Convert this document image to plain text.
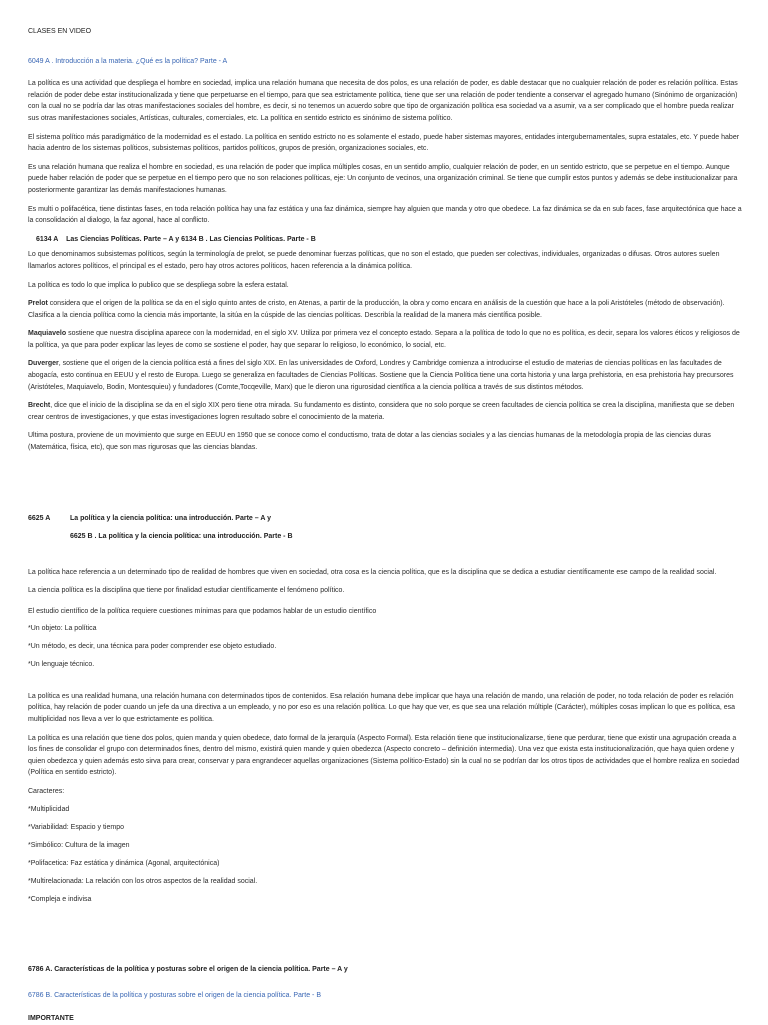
CLASES EN VIDEO

6049 A . Introducción a la materia. ¿Qué es la política? Parte - A

La política es una actividad que despliega el hombre en sociedad, implica una relación humana que necesita de dos polos, es una relación de poder, es dable destacar que no cualquier relación de poder es relación política. Estas relación de poder debe estar institucionalizada y tiene que perpetuarse en el tiempo, para que sea estrictamente política, tiene que ser una relación de poder tendiente a conservar el agregado humano (Sinónimo de organización) con la cual no se podría dar las otras manifestaciones sociales del hombre, es decir, si no tenemos un acuerdo sobre que tipo de organización política esa sociedad va a asumir, va a ser complicado que el hombre pueda realizar sus otras manifestaciones sociales, Artísticas, culturales, comerciales, etc. La política en sentido estricto es sinónimo de sistema político.

El sistema político más paradigmático de la modernidad es el estado. La política en sentido estricto no es solamente el estado, puede haber sistemas mayores, entidades intergubernamentales, supra estatales, etc. Y puede haber hacia adentro de los sistemas políticos, subsistemas políticos, partidos políticos, grupos de presión, organizaciones sociales, etc.

Es una relación humana que realiza el hombre en sociedad, es una relación de poder que implica múltiples cosas, en un sentido amplio, cualquier relación de poder, en un sentido estricto, que se perpetue en el tiempo. Aunque puede haber relación de poder que se perpetue en el tiempo pero que no son relaciones políticas, eje: Un conjunto de vecinos, una organización criminal. Se tiene que cumplir estos puntos y además se debe institucionalizar para posteriormente garantizar las demás manifestaciones humanas.

Es multi o polifacética, tiene distintas fases, en toda relación política hay una faz estática y una faz dinámica, siempre hay alguien que manda y otro que obedece. La faz dinámica se da en sub faces, fase arquitectónica que hace a la consolidación al dialogo, la faz agonal, hace al conflicto.

6134 A Las Ciencias Políticas. Parte – A y 6134 B . Las Ciencias Políticas. Parte - B

Lo que denominamos subsistemas políticos, según la terminología de prelot, se puede denominar fuerzas políticas, que no son el estado, que pueden ser colectivas, individuales, organizadas o difusas. Otros autores suelen llamarlos actores políticos, el principal es el estado, pero hay otros actores políticos, hacen referencia a la dinámica política.

La política es todo lo que implica lo publico que se despliega sobre la esfera estatal.

Prelot considera que el origen de la política se da en el siglo quinto antes de cristo, en Atenas, a partir de la producción, la obra y como encara en análisis de la cuestión que hace a la poli Aristóteles (método de observación). Clasifica a la ciencia política como la ciencia más importante, la sitúa en la cúspide de las ciencias políticas. Describía la realidad de la manera más científica posible.

Maquiavelo sostiene que nuestra disciplina aparece con la modernidad, en el siglo XV. Utiliza por primera vez el concepto estado. Separa a la política de todo lo que no es política, es decir, separa los valores éticos y religiosos de la política, ya que para poder explicar las leyes de como se sostiene el poder, hay que separar lo religioso, lo económico, lo social, etc.

Duverger, sostiene que el origen de la ciencia política está a fines del siglo XIX. En las universidades de Oxford, Londres y Cambridge comienza a introducirse el estudio de materias de ciencias políticas en las facultades de abogacía, esto continua en EEUU y el resto de Europa. Luego se generaliza en facultades de Ciencias Políticas. Sostiene que la Ciencia Política tiene una corta historia y una larga prehistoria, en esa prehistoria hay precursores (Aristóteles, Maquiavelo, Bodin, Montesquieu) y fundadores (Comte,Tocqeville, Marx) que le dieron una rigurosidad científica a la ciencia política a través de sus distintos métodos.

Brecht, dice que el inicio de la disciplina se da en el siglo XIX pero tiene otra mirada. Su fundamento es distinto, considera que no solo porque se creen facultades de ciencia política se crea la disciplina, manifiesta que se deben crear centros de investigaciones, y que estas investigaciones logren resultado sobre el conocimiento de la materia.

Ultima postura, proviene de un movimiento que surge en EEUU en 1950 que se conoce como el conductismo, trata de dotar a las ciencias sociales y a las ciencias humanas de la metodología propia de las ciencias duras (Matemática, física, etc), que son mas rigurosas que las ciencias blandas.

6625 A	La política y la ciencia política: una introducción. Parte – A y

6625 B . La política y la ciencia política: una introducción. Parte - B

La política hace referencia a un determinado tipo de realidad de hombres que viven en sociedad, otra cosa es la ciencia política, que es la disciplina que se dedica a estudiar científicamente ese campo de la realidad social.

La ciencia política es la disciplina que tiene por finalidad estudiar científicamente el fenómeno político.

El estudio científico de la política requiere cuestiones mínimas para que podamos hablar de un estudio científico

*Un objeto: La política

*Un método, es decir, una técnica para poder comprender ese objeto estudiado.

*Un lenguaje técnico.

La política es una realidad humana, una relación humana con determinados tipos de contenidos. Esa relación humana debe implicar que haya una relación de mando, una relación de poder, no toda relación de poder es relación política, hay relación de poder cuando un jefe da una directiva a un empleado, y no por eso es una relación política. Lo que hay que ver, es que sea una relación múltiple (Carácter), múltiples cosas implican lo que es política, esa multiplicidad nos lleva a ver lo que estrictamente es política.

La política es una relación que tiene dos polos, quien manda y quien obedece, dato formal de la jerarquía (Aspecto Formal). Esta relación tiene que institucionalizarse, tiene que perdurar, tiene que existir una agrupación creada a los fines de consolidar el grupo con determinados fines, dentro del mismo, existirá quien mande y quien obedezca (Aspecto concreto – definición intermedia). Una vez que exista esta institucionalización, que haya quien ordene y quien obedezca y quien además esto sirva para crear, conservar y para engrandecer aquellas organizaciones (Sistema político-Estado) sin la cual no se podrían dar los otros tipos de actividades que el hombre realiza en sociedad (Política en sentido estricto).

Caracteres:

*Multiplicidad

*Variabilidad: Espacio y tiempo

*Simbólico: Cultura de la imagen

*Polifacetica: Faz estática y dinámica (Agonal, arquitectónica)

*Multirelacionada: La relación con los otros aspectos de la realidad social.

*Compleja e indivisa

6786 A. Características de la política y posturas sobre el origen de la ciencia política. Parte – A y

6786 B. Características de la política y posturas sobre el origen de la ciencia política. Parte - B

IMPORTANTE
